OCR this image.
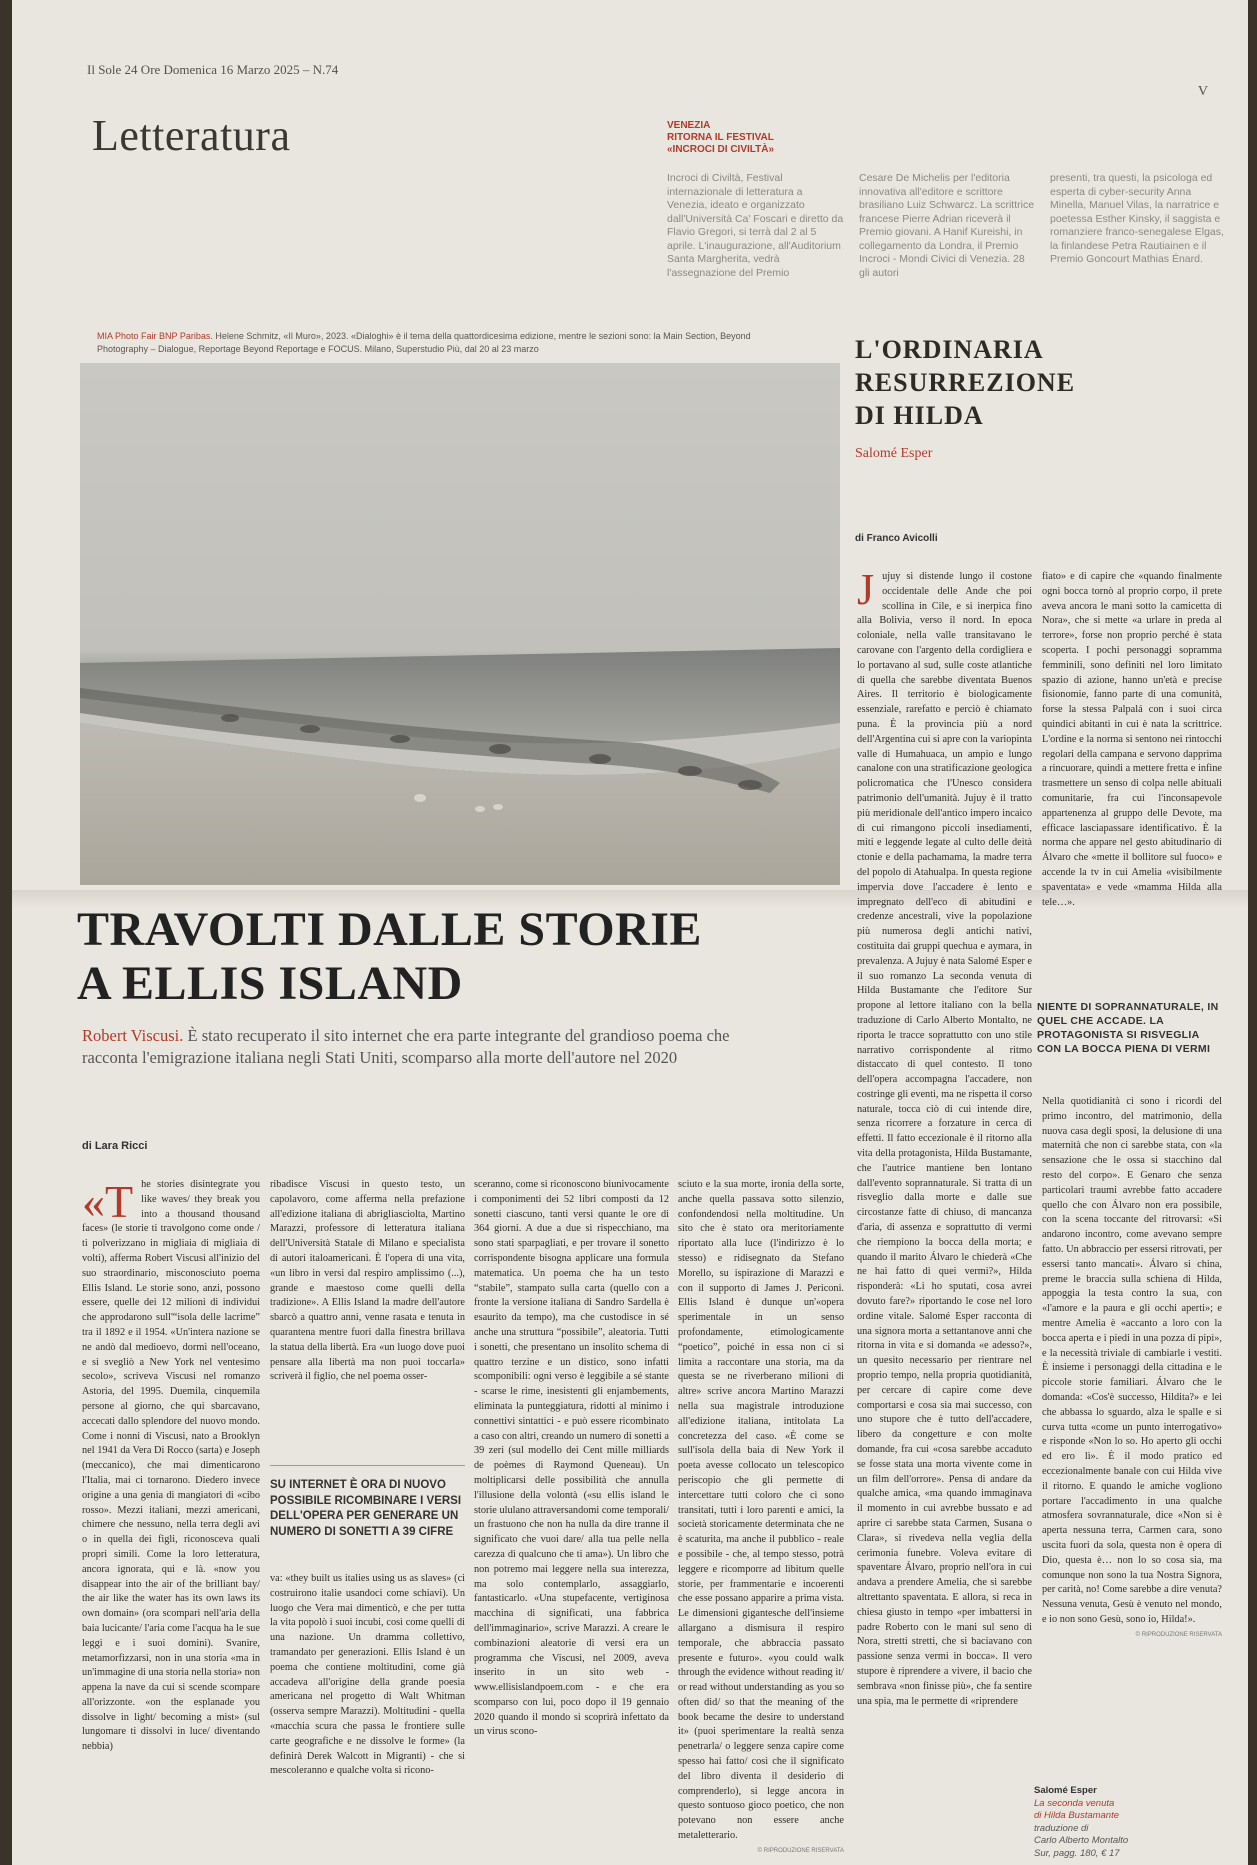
Il Sole 24 Ore Domenica 16 Marzo 2025 – N.74
V
Letteratura	VENEZIA
RITORNA IL FESTIVAL «INCROCI DI CIVILTÀ»

Incroci di Civiltà, Festival internazionale di letteratura a Venezia, ideato e organizzato dall'Università Ca' Foscari e diretto da Flavio Gregori, si terrà dal 2 al 5 aprile. L'inaugurazione, all'Auditorium Santa Margherita, vedrà l'assegnazione del Premio

Cesare De Michelis per l'editoria innovativa all'editore e scrittore brasiliano Luiz Schwarcz. La scrittrice francese Pierre Adrian riceverà il Premio giovani. A Hanif Kureishi, in collegamento da Londra, il Premio Incroci - Mondi Civici di Venezia. 28 gli autori

presenti, tra questi, la psicologa ed esperta di cyber-security Anna Minella, Manuel Vilas, la narratrice e poetessa Esther Kinsky, il saggista e romanziere franco-senegalese Elgas, la finlandese Petra Rautiainen e il Premio Goncourt Mathias Énard.

MIA Photo Fair BNP Paribas. Helene Schmitz, «Il Muro», 2023. «Dialoghi» è il tema della quattordicesima edizione, mentre le sezioni sono: la Main Section, Beyond Photography – Dialogue, Reportage Beyond Reportage e FOCUS. Milano, Superstudio Più, dal 20 al 23 marzo
TRAVOLTI DALLE STORIE
A ELLIS ISLAND

Robert Viscusi. È stato recuperato il sito internet che era parte integrante del grandioso poema che racconta l'emigrazione italiana negli Stati Uniti, scomparso alla morte dell'autore nel 2020

di Lara Ricci
«T he stories disintegrate you like waves/ they break you into a thousand thousand faces» (le storie ti travolgono come onde / ti polverizzano in migliaia di migliaia di volti), afferma Robert Viscusi all'inizio del suo straordinario, misconosciuto poema Ellis Island. Le storie sono, anzi, possono essere, quelle dei 12 milioni di individui che approdarono sull'“isola delle lacrime” tra il 1892 e il 1954. «Un'intera nazione se ne andò dal medioevo, dormì nell'oceano, e si svegliò a New York nel ventesimo secolo», scriveva Viscusi nel romanzo Astoria, del 1995. Duemila, cinquemila persone al giorno, che qui sbarcavano, accecati dallo splendore del nuovo mondo. Come i nonni di Viscusi, nato a Brooklyn nel 1941 da Vera Di Rocco (sarta) e Joseph (meccanico), che mai dimenticarono l'Italia, mai ci tornarono. Diedero invece origine a una genia di mangiatori di «cibo rosso». Mezzi italiani, mezzi americani, chimere che nessuno, nella terra degli avi o in quella dei figli, riconosceva quali propri simili. Come la loro letteratura, ancora ignorata, qui e là. «now you disappear into the air of the brilliant bay/ the air like the water has its own laws its own domain» (ora scompari nell'aria della baia lucicante/ l'aria come l'acqua ha le sue leggi e i suoi domini). Svanire, metamorfizzarsi, non in una storia «ma in un'immagine di una storia nella storia» non appena la nave da cui si scende scompare all'orizzonte. «on the esplanade you dissolve in light/ becoming a mist» (sul lungomare ti dissolvi in luce/ diventando nebbia)

ribadisce Viscusi in questo testo, un capolavoro, come afferma nella prefazione all'edizione italiana di abrigliasciolta, Martino Marazzi, professore di letteratura italiana dell'Università Statale di Milano e specialista di autori italoamericani. È l'opera di una vita, «un libro in versi dal respiro amplissimo (...), grande e maestoso come quelli della tradizione». A Ellis Island la madre dell'autore sbarcò a quattro anni, venne rasata e tenuta in quarantena mentre fuori dalla finestra brillava la statua della libertà. Era «un luogo dove puoi pensare alla libertà ma non puoi toccarla» scriverà il figlio, che nel poema osser-

SU INTERNET È ORA DI NUOVO POSSIBILE RICOMBINARE I VERSI DELL'OPERA PER GENERARE UN NUMERO DI SONETTI A 39 CIFRE

va: «they built us italies using us as slaves» (ci costruirono italie usandoci come schiavi). Un luogo che Vera mai dimenticò, e che per tutta la vita popolò i suoi incubi, così come quelli di una nazione. Un dramma collettivo, tramandato per generazioni. Ellis Island è un poema che contiene moltitudini, come già accadeva all'origine della grande poesia americana nel progetto di Walt Whitman (osserva sempre Marazzi). Moltitudini - quella «macchia scura che passa le frontiere sulle carte geografiche e ne dissolve le forme» (la definirà Derek Walcott in Migranti) - che si mescoleranno e qualche volta si ricono-

sceranno, come si riconoscono biunivocamente i componimenti dei 52 libri composti da 12 sonetti ciascuno, tanti versi quante le ore di 364 giorni. A due a due si rispecchiano, ma sono stati sparpagliati, e per trovare il sonetto corrispondente bisogna applicare una formula matematica. Un poema che ha un testo “stabile”, stampato sulla carta (quello con a fronte la versione italiana di Sandro Sardella è esaurito da tempo), ma che custodisce in sé anche una struttura “possibile”, aleatoria. Tutti i sonetti, che presentano un insolito schema di quattro terzine e un distico, sono infatti scomponibili: ogni verso è leggibile a sé stante - scarse le rime, inesistenti gli enjambements, eliminata la punteggiatura, ridotti al minimo i connettivi sintattici - e può essere ricombinato a caso con altri, creando un numero di sonetti a 39 zeri (sul modello dei Cent mille milliards de poèmes di Raymond Queneau). Un moltiplicarsi delle possibilità che annulla l'illusione della volontà («su ellis island le storie ululano attraversandomi come temporali/ un frastuono che non ha nulla da dire tranne il significato che vuoi dare/ alla tua pelle nella carezza di qualcuno che ti ama»). Un libro che non potremo mai leggere nella sua interezza, ma solo contemplarlo, assaggiarlo, fantasticarlo. «Una stupefacente, vertiginosa macchina di significati, una fabbrica dell'immaginario», scrive Marazzi. A creare le combinazioni aleatorie di versi era un programma che Viscusi, nel 2009, aveva inserito in un sito web - www.ellisislandpoem.com - e che era scomparso con lui, poco dopo il 19 gennaio 2020 quando il mondo si scoprirà infettato da un virus scono-

sciuto e la sua morte, ironia della sorte, anche quella passava sotto silenzio, confondendosi nella moltitudine. Un sito che è stato ora meritoriamente riportato alla luce (l'indirizzo è lo stesso) e ridisegnato da Stefano Morello, su ispirazione di Marazzi e con il supporto di James J. Periconi. Ellis Island è dunque un'«opera sperimentale in un senso profondamente, etimologicamente “poetico”, poiché in essa non ci si limita a raccontare una storia, ma da questa se ne riverberano milioni di altre» scrive ancora Martino Marazzi nella sua magistrale introduzione all'edizione italiana, intitolata La concretezza del caso. «È come se sull'isola della baia di New York il poeta avesse collocato un telescopico periscopio che gli permette di intercettare tutti coloro che ci sono transitati, tutti i loro parenti e amici, la società storicamente determinata che ne è scaturita, ma anche il pubblico - reale e possibile - che, al tempo stesso, potrà leggere e ricomporre ad libitum quelle storie, per frammentarie e incoerenti che esse possano apparire a prima vista. Le dimensioni gigantesche dell'insieme allargano a dismisura il respiro temporale, che abbraccia passato presente e futuro». «you could walk through the evidence without reading it/ or read without understanding as you so often did/ so that the meaning of the book became the desire to understand it» (puoi sperimentare la realtà senza penetrarla/ o leggere senza capire come spesso hai fatto/ così che il significato del libro diventa il desiderio di comprenderlo), si legge ancora in questo sontuoso gioco poetico, che non potevano non essere anche metaletterario.

© RIPRODUZIONE RISERVATA
L'ORDINARIA
RESURREZIONE
DI HILDA
Salomé Esper
di Franco Avicolli
J ujuy si distende lungo il costone occidentale delle Ande che poi scollina in Cile, e si inerpica fino alla Bolivia, verso il nord. In epoca coloniale, nella valle transitavano le carovane con l'argento della cordigliera e lo portavano al sud, sulle coste atlantiche di quella che sarebbe diventata Buenos Aires. Il territorio è biologicamente essenziale, rarefatto e perciò è chiamato puna. È la provincia più a nord dell'Argentina cui si apre con la variopinta valle di Humahuaca, un ampio e lungo canalone con una stratificazione geologica policromatica che l'Unesco considera patrimonio dell'umanità. Jujuy è il tratto più meridionale dell'antico impero incaico di cui rimangono piccoli insediamenti, miti e leggende legate al culto delle deità ctonie e della pachamama, la madre terra del popolo di Atahualpa. In questa regione impervia dove l'accadere è lento e impregnato dell'eco di abitudini e credenze ancestrali, vive la popolazione più numerosa degli antichi nativi, costituita dai gruppi quechua e aymara, in prevalenza. A Jujuy è nata Salomé Esper e il suo romanzo La seconda venuta di Hilda Bustamante che l'editore Sur propone al lettore italiano con la bella traduzione di Carlo Alberto Montalto, ne riporta le tracce soprattutto con uno stile narrativo corrispondente al ritmo distaccato di quel contesto. Il tono dell'opera accompagna l'accadere, non costringe gli eventi, ma ne rispetta il corso naturale, tocca ciò di cui intende dire, senza ricorrere a forzature in cerca di effetti. Il fatto eccezionale è il ritorno alla vita della protagonista, Hilda Bustamante, che l'autrice mantiene ben lontano dall'evento soprannaturale. Si tratta di un risveglio dalla morte e dalle sue circostanze fatte di chiuso, di mancanza d'aria, di assenza e soprattutto di vermi che riempiono la bocca della morta; e quando il marito Álvaro le chiederà «Che ne hai fatto di quei vermi?», Hilda risponderà: «Li ho sputati, cosa avrei dovuto fare?» riportando le cose nel loro ordine vitale. Salomé Esper racconta di una signora morta a settantanove anni che ritorna in vita e si domanda «e adesso?», un quesito necessario per rientrare nel proprio tempo, nella propria quotidianità, per cercare di capire come deve comportarsi e cosa sia mai successo, con uno stupore che è tutto dell'accadere, libero da congetture e con molte domande, fra cui «cosa sarebbe accaduto se fosse stata una morta vivente come in un film dell'orrore». Pensa di andare da qualche amica, «ma quando immaginava il momento in cui avrebbe bussato e ad aprire ci sarebbe stata Carmen, Susana o Clara», si rivedeva nella veglia della cerimonia funebre. Voleva evitare di spaventare Álvaro, proprio nell'ora in cui andava a prendere Amelia, che si sarebbe altrettanto spaventata. E allora, si reca in chiesa giusto in tempo «per imbattersi in padre Roberto con le mani sul seno di Nora, stretti stretti, che si baciavano con passione senza vermi in bocca». Il vero stupore è riprendere a vivere, il bacio che sembrava «non finisse più», che fa sentire una spia, ma le permette di «riprendere

fiato» e di capire che «quando finalmente ogni bocca tornò al proprio corpo, il prete aveva ancora le mani sotto la camicetta di Nora», che si mette «a urlare in preda al terrore», forse non proprio perché è stata scoperta. I pochi personaggi sopramma femminili, sono definiti nel loro limitato spazio di azione, hanno un'età e precise fisionomie, fanno parte di una comunità, forse la stessa Palpalá con i suoi circa quindici abitanti in cui è nata la scrittrice. L'ordine e la norma si sentono nei rintocchi regolari della campana e servono dapprima a rincuorare, quindi a mettere fretta e infine trasmettere un senso di colpa nelle abituali comunitarie, fra cui l'inconsapevole appartenenza al gruppo delle Devote, ma efficace lasciapassare identificativo. È la norma che appare nel gesto abitudinario di Álvaro che «mette il bollitore sul fuoco» e accende la tv in cui Amelia «visibilmente spaventata» e vede «mamma Hilda alla tele…».

NIENTE DI SOPRANNATURALE, IN QUEL CHE ACCADE. LA PROTAGONISTA SI RISVEGLIA CON LA BOCCA PIENA DI VERMI

Nella quotidianità ci sono i ricordi del primo incontro, del matrimonio, della nuova casa degli sposi, la delusione di una maternità che non ci sarebbe stata, con «la sensazione che le ossa si stacchino dal resto del corpo». E Genaro che senza particolari traumi avrebbe fatto accadere quello che con Álvaro non era possibile, con la scena toccante del ritrovarsi: «Si andarono incontro, come avevano sempre fatto. Un abbraccio per essersi ritrovati, per essersi tanto mancati». Álvaro si china, preme le braccia sulla schiena di Hilda, appoggia la testa contro la sua, con «l'amore e la paura e gli occhi aperti»; e mentre Amelia è «accanto a loro con la bocca aperta e i piedi in una pozza di pipì», e la necessità triviale di cambiarle i vestiti. È insieme i personaggi della cittadina e le piccole storie familiari. Álvaro che le domanda: «Cos'è successo, Hildita?» e lei che abbassa lo sguardo, alza le spalle e si curva tutta «come un punto interrogativo» e risponde «Non lo so. Ho aperto gli occhi ed ero lì». È il modo pratico ed eccezionalmente banale con cui Hilda vive il ritorno. E quando le amiche vogliono portare l'accadimento in una qualche atmosfera sovrannaturale, dice «Non si è aperta nessuna terra, Carmen cara, sono uscita fuori da sola, questa non è opera di Dio, questa è… non lo so cosa sia, ma comunque non sono la tua Nostra Signora, per carità, no! Come sarebbe a dire venuta? Nessuna venuta, Gesù è venuto nel mondo, e io non sono Gesù, sono io, Hilda!».

© RIPRODUZIONE RISERVATA
Salomé Esper
La seconda venuta
di Hilda Bustamante
traduzione di
Carlo Alberto Montalto
Sur, pagg. 180, € 17
